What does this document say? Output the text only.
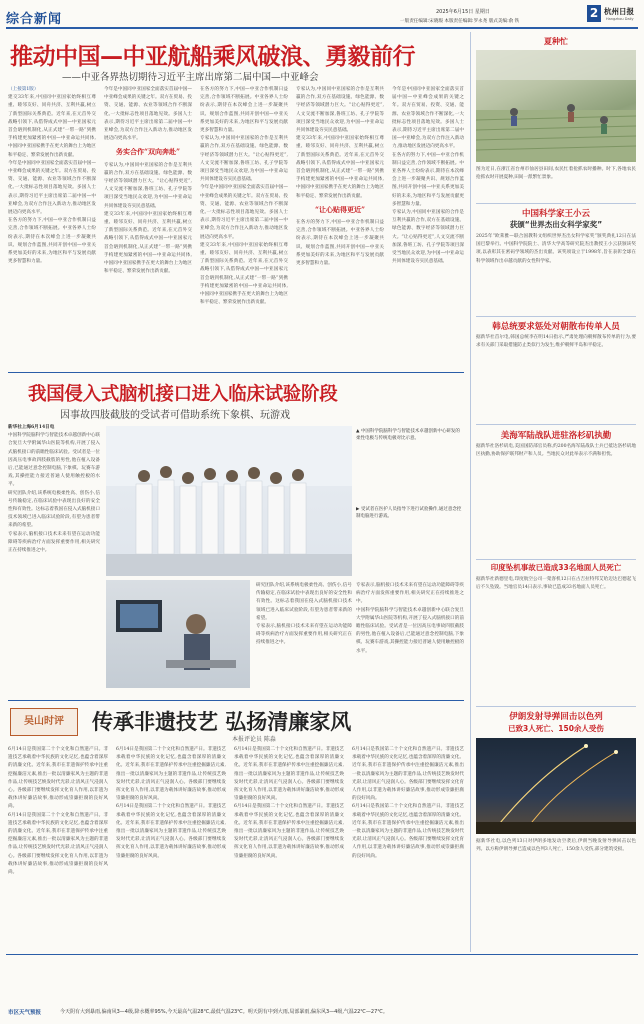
综合新闻	2025年6月15日 星期日
一版责任编辑:宋晓瑕 本版责任编辑:罗永尧 版式美编:俞 铁
2 杭州日报
Hangzhou Daily
推动中国—中亚航船乘风破浪、勇毅前行
——中亚各界热切期待习近平主席出席第二届中国—中亚峰会

（上接第1版）

建交33年来,中国同中亚国家始终相互尊重、睦邻友好、同舟共济、互利共赢,树立了新型国际关系典范。近年来,在元首外交战略引领下,从借得成式中国—中亚国家元首会晤到机制化,从正式建“一带一路”到携手构建更加紧密的中国—中亚命运共同体,中国同中亚国家携手在更大的舞台上为地区和平稳定、繁荣发展作出新贡献。

今年是中国同中亚国家全面落实首届中国—中亚峰会成果的关键之年。双方在贸易、投资、交通、能源、农业等领域合作不断深化,一大批标志性项目落地见效。多国人士表示,期待习近平主席出席第二届中国—中亚峰会,为双方合作注入新动力,推动地区发展迈向更高水平。

在各方的努力下,中国—中亚合作机制日益完善,合作领域不断拓展。中亚各界人士纷纷表示,期待在本次峰会上进一步凝聚共识、规划合作蓝图,共同开创中国—中亚关系更加美好的未来,为地区和平与发展贡献更多智慧和力量。

今年是中国同中亚国家全面落实首届中国—中亚峰会成果的关键之年。双方在贸易、投资、交通、能源、农业等领域合作不断深化,一大批标志性项目落地见效。多国人士表示,期待习近平主席出席第二届中国—中亚峰会,为双方合作注入新动力,推动地区发展迈向更高水平。

务实合作“双向奔赴”

专家认为,中国同中亚国家的合作是互利共赢的合作,双方在基础设施、绿色能源、数字经济等领域潜力巨大。“让心贴得更近”,人文交流不断加深,鲁班工坊、孔子学院等项目深受当地民众欢迎,为中国—中亚命运共同体建设夯实民意基础。

建交33年来,中国同中亚国家始终相互尊重、睦邻友好、同舟共济、互利共赢,树立了新型国际关系典范。近年来,在元首外交战略引领下,从借得成式中国—中亚国家元首会晤到机制化,从正式建“一带一路”到携手构建更加紧密的中国—中亚命运共同体,中国同中亚国家携手在更大的舞台上为地区和平稳定、繁荣发展作出新贡献。

在各方的努力下,中国—中亚合作机制日益完善,合作领域不断拓展。中亚各界人士纷纷表示,期待在本次峰会上进一步凝聚共识、规划合作蓝图,共同开创中国—中亚关系更加美好的未来,为地区和平与发展贡献更多智慧和力量。

专家认为,中国同中亚国家的合作是互利共赢的合作,双方在基础设施、绿色能源、数字经济等领域潜力巨大。“让心贴得更近”,人文交流不断加深,鲁班工坊、孔子学院等项目深受当地民众欢迎,为中国—中亚命运共同体建设夯实民意基础。

今年是中国同中亚国家全面落实首届中国—中亚峰会成果的关键之年。双方在贸易、投资、交通、能源、农业等领域合作不断深化,一大批标志性项目落地见效。多国人士表示,期待习近平主席出席第二届中国—中亚峰会,为双方合作注入新动力,推动地区发展迈向更高水平。

建交33年来,中国同中亚国家始终相互尊重、睦邻友好、同舟共济、互利共赢,树立了新型国际关系典范。近年来,在元首外交战略引领下,从借得成式中国—中亚国家元首会晤到机制化,从正式建“一带一路”到携手构建更加紧密的中国—中亚命运共同体,中国同中亚国家携手在更大的舞台上为地区和平稳定、繁荣发展作出新贡献。

专家认为,中国同中亚国家的合作是互利共赢的合作,双方在基础设施、绿色能源、数字经济等领域潜力巨大。“让心贴得更近”,人文交流不断加深,鲁班工坊、孔子学院等项目深受当地民众欢迎,为中国—中亚命运共同体建设夯实民意基础。

建交33年来,中国同中亚国家始终相互尊重、睦邻友好、同舟共济、互利共赢,树立了新型国际关系典范。近年来,在元首外交战略引领下,从借得成式中国—中亚国家元首会晤到机制化,从正式建“一带一路”到携手构建更加紧密的中国—中亚命运共同体,中国同中亚国家携手在更大的舞台上为地区和平稳定、繁荣发展作出新贡献。

“让心贴得更近”

在各方的努力下,中国—中亚合作机制日益完善,合作领域不断拓展。中亚各界人士纷纷表示,期待在本次峰会上进一步凝聚共识、规划合作蓝图,共同开创中国—中亚关系更加美好的未来,为地区和平与发展贡献更多智慧和力量。

今年是中国同中亚国家全面落实首届中国—中亚峰会成果的关键之年。双方在贸易、投资、交通、能源、农业等领域合作不断深化,一大批标志性项目落地见效。多国人士表示,期待习近平主席出席第二届中国—中亚峰会,为双方合作注入新动力,推动地区发展迈向更高水平。

在各方的努力下,中国—中亚合作机制日益完善,合作领域不断拓展。中亚各界人士纷纷表示,期待在本次峰会上进一步凝聚共识、规划合作蓝图,共同开创中国—中亚关系更加美好的未来,为地区和平与发展贡献更多智慧和力量。

专家认为,中国同中亚国家的合作是互利共赢的合作,双方在基础设施、绿色能源、数字经济等领域潜力巨大。“让心贴得更近”,人文交流不断加深,鲁班工坊、孔子学院等项目深受当地民众欢迎,为中国—中亚命运共同体建设夯实民意基础。

夏种忙

图为近日,在浙江省台州市仙居县田间,农民忙着抢抓农时播种。时下,各地农民抢抓农时开展夏种,田间一派繁忙景象。

中国科学家王小云
获颁“世界杰出女科学家奖”

2025年“欧莱雅—联合国教科文组织世界杰出女科学家奖”颁奖典礼12日在法国巴黎举行。中国科学院院士、清华大学高等研究院杰出教授王小云获颁该奖项,以表彰其在密码学领域的杰出贡献。该奖项设立于1998年,旨在表彰全球在科学领域作出卓越贡献的女性科学家。

韩总统要求惩处对朝散布传单人员

据新华社首尔电,韩国总统李在明14日指示,严肃处理向朝鲜散布传单的行为,要求有关部门采取措施防止类似行为发生,维护朝鲜半岛和平稳定。

美海军陆战队进驻洛杉矶执勤

据新华社洛杉矶电,美国国防部官员称,约200名海军陆战队士兵已抵达洛杉矶地区执勤,协助保护联邦财产和人员。当地民众对此举表示不满和担忧。

印度坠机事故已造成33名地面人员死亡

据新华社新德里电,印度航空公司一架客机12日在古吉拉特邦艾哈迈达巴德起飞后不久坠毁。当地官员14日表示,事故已造成33名地面人员死亡。

伊朗发射导弹回击以色列
已致3人死亡、150余人受伤

据新华社电,以色列13日对伊朗多地发动空袭后,伊朗当晚发射导弹回击以色列。以方称伊朗导弹已造成以色列3人死亡、150余人受伤,部分建筑受损。

我国侵入式脑机接口进入临床试验阶段
因事故四肢截肢的受试者可借助系统下象棋、玩游戏

新华社上海6月14日电

中国科学院脑科学与智能技术卓越创新中心联合复旦大学附属华山医院等机构,开展了侵入式脑机接口的前瞻性临床试验。受试者是一位因高压电事故四肢截肢的男性,他在植入设备后,已能通过意念控制电脑,下象棋、玩赛车游戏,其操控能力接近普通人使用触控板的水平。

研究团队介绍,该系统电极柔性高、创伤小,信号传输稳定,在临床试验中表现出良好的安全性和有效性。这标志着我国在侵入式脑机接口技术领域已进入临床试验阶段,有望为患者带来新的希望。

专家表示,脑机接口技术未来有望在运动功能障碍等疾病治疗方面发挥重要作用,相关研究正在持续推进之中。

▲ 中国科学院脑科学与智能技术卓越创新中心研发的柔性电极与传统电极对比示意。
▶ 受试者在医护人员指导下进行试验操作,通过意念控制电脑进行游戏。

研究团队介绍,该系统电极柔性高、创伤小,信号传输稳定,在临床试验中表现出良好的安全性和有效性。这标志着我国在侵入式脑机接口技术领域已进入临床试验阶段,有望为患者带来新的希望。

专家表示,脑机接口技术未来有望在运动功能障碍等疾病治疗方面发挥重要作用,相关研究正在持续推进之中。

专家表示,脑机接口技术未来有望在运动功能障碍等疾病治疗方面发挥重要作用,相关研究正在持续推进之中。

中国科学院脑科学与智能技术卓越创新中心联合复旦大学附属华山医院等机构,开展了侵入式脑机接口的前瞻性临床试验。受试者是一位因高压电事故四肢截肢的男性,他在植入设备后,已能通过意念控制电脑,下象棋、玩赛车游戏,其操控能力接近普通人使用触控板的水平。

吴山时评	传承非遗技艺 弘扬清廉家风
本报评论员 陈淼

6月14日是我国第二十个文化和自然遗产日。非遗技艺承载着中华民族的文化记忆,也蕴含着深厚的清廉文化。近年来,我市在非遗保护传承中注重挖掘廉洁元素,推出一批以清廉家风为主题的非遗作品,让传统技艺焕发时代光彩,让清风正气浸润人心。各级部门要继续发挥文化育人作用,以非遗为载体讲好廉洁故事,推动形成崇廉拒腐的良好风尚。

6月14日是我国第二十个文化和自然遗产日。非遗技艺承载着中华民族的文化记忆,也蕴含着深厚的清廉文化。近年来,我市在非遗保护传承中注重挖掘廉洁元素,推出一批以清廉家风为主题的非遗作品,让传统技艺焕发时代光彩,让清风正气浸润人心。各级部门要继续发挥文化育人作用,以非遗为载体讲好廉洁故事,推动形成崇廉拒腐的良好风尚。

6月14日是我国第二十个文化和自然遗产日。非遗技艺承载着中华民族的文化记忆,也蕴含着深厚的清廉文化。近年来,我市在非遗保护传承中注重挖掘廉洁元素,推出一批以清廉家风为主题的非遗作品,让传统技艺焕发时代光彩,让清风正气浸润人心。各级部门要继续发挥文化育人作用,以非遗为载体讲好廉洁故事,推动形成崇廉拒腐的良好风尚。

6月14日是我国第二十个文化和自然遗产日。非遗技艺承载着中华民族的文化记忆,也蕴含着深厚的清廉文化。近年来,我市在非遗保护传承中注重挖掘廉洁元素,推出一批以清廉家风为主题的非遗作品,让传统技艺焕发时代光彩,让清风正气浸润人心。各级部门要继续发挥文化育人作用,以非遗为载体讲好廉洁故事,推动形成崇廉拒腐的良好风尚。

6月14日是我国第二十个文化和自然遗产日。非遗技艺承载着中华民族的文化记忆,也蕴含着深厚的清廉文化。近年来,我市在非遗保护传承中注重挖掘廉洁元素,推出一批以清廉家风为主题的非遗作品,让传统技艺焕发时代光彩,让清风正气浸润人心。各级部门要继续发挥文化育人作用,以非遗为载体讲好廉洁故事,推动形成崇廉拒腐的良好风尚。

6月14日是我国第二十个文化和自然遗产日。非遗技艺承载着中华民族的文化记忆,也蕴含着深厚的清廉文化。近年来,我市在非遗保护传承中注重挖掘廉洁元素,推出一批以清廉家风为主题的非遗作品,让传统技艺焕发时代光彩,让清风正气浸润人心。各级部门要继续发挥文化育人作用,以非遗为载体讲好廉洁故事,推动形成崇廉拒腐的良好风尚。

6月14日是我国第二十个文化和自然遗产日。非遗技艺承载着中华民族的文化记忆,也蕴含着深厚的清廉文化。近年来,我市在非遗保护传承中注重挖掘廉洁元素,推出一批以清廉家风为主题的非遗作品,让传统技艺焕发时代光彩,让清风正气浸润人心。各级部门要继续发挥文化育人作用,以非遗为载体讲好廉洁故事,推动形成崇廉拒腐的良好风尚。

6月14日是我国第二十个文化和自然遗产日。非遗技艺承载着中华民族的文化记忆,也蕴含着深厚的清廉文化。近年来,我市在非遗保护传承中注重挖掘廉洁元素,推出一批以清廉家风为主题的非遗作品,让传统技艺焕发时代光彩,让清风正气浸润人心。各级部门要继续发挥文化育人作用,以非遗为载体讲好廉洁故事,推动形成崇廉拒腐的良好风尚。

市区天气预报	今天阴有大到暴雨,偏南风3—4级,降水概率95%,今天最高气温28℃,最低气温23℃。明天阴有中到大雨,局部暴雨,偏东风3—4级,气温22℃—27℃。
